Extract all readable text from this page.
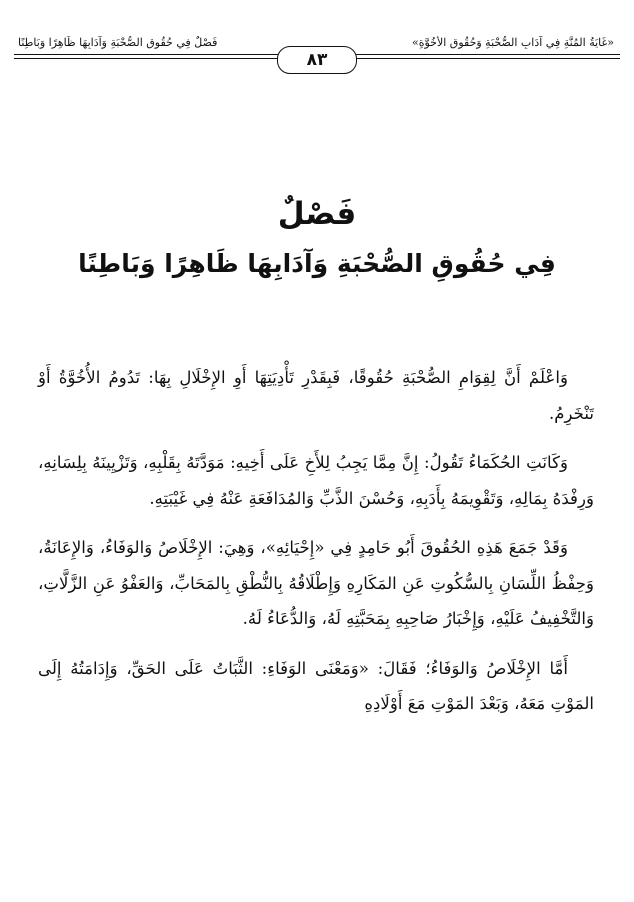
«غَايَةُ المُنَّةِ فِي آدَابِ الصُّحْبَةِ وَحُقُوقِ الأُخُوَّةِ»
فَصْلٌ فِي حُقُوقِ الصُّحْبَةِ وَآدَابِهَا ظَاهِرًا وَبَاطِنًا
٨٣
فَصْلٌ
فِي حُقُوقِ الصُّحْبَةِ وَآدَابِهَا ظَاهِرًا وَبَاطِنًا

وَاعْلَمْ أَنَّ لِقِوَامِ الصُّحْبَةِ حُقُوقًا، فَبِقَدْرِ تَأْدِيَتِهَا أَوِ الإِخْلَالِ بِهَا: تَدُومُ الأُخُوَّةُ أَوْ تَنْخَرِمُ.

وَكَانَتِ الحُكَمَاءُ تَقُولُ: إِنَّ مِمَّا يَجِبُ لِلأَخِ عَلَى أَخِيهِ: مَوَدَّتَهُ بِقَلْبِهِ، وَتَزْيِينَهُ بِلِسَانِهِ، وَرِفْدَهُ بِمَالِهِ، وَتَقْوِيمَهُ بِأَدَبِهِ، وَحُسْنَ الذَّبِّ وَالمُدَافَعَةِ عَنْهُ فِي غَيْبَتِهِ.

وَقَدْ جَمَعَ هَذِهِ الحُقُوقَ أَبُو حَامِدٍ فِي «إِحْيَائِهِ»، وَهِيَ: الإِخْلَاصُ وَالوَفَاءُ، وَالإِعَانَةُ، وَحِفْظُ اللِّسَانِ بِالسُّكُوتِ عَنِ المَكَارِهِ وَإِطْلَاقُهُ بِالنُّطْقِ بِالمَحَابِّ، وَالعَفْوُ عَنِ الزَّلَّاتِ، وَالتَّخْفِيفُ عَلَيْهِ، وَإِخْبَارُ صَاحِبِهِ بِمَحَبَّتِهِ لَهُ، وَالدُّعَاءُ لَهُ.

أَمَّا الإِخْلَاصُ وَالوَفَاءُ؛ فَقَالَ: «وَمَعْنَى الوَفَاءِ: الثَّبَاتُ عَلَى الحَقِّ، وَإِدَامَتُهُ إِلَى المَوْتِ مَعَهُ، وَبَعْدَ المَوْتِ مَعَ أَوْلَادِهِ
